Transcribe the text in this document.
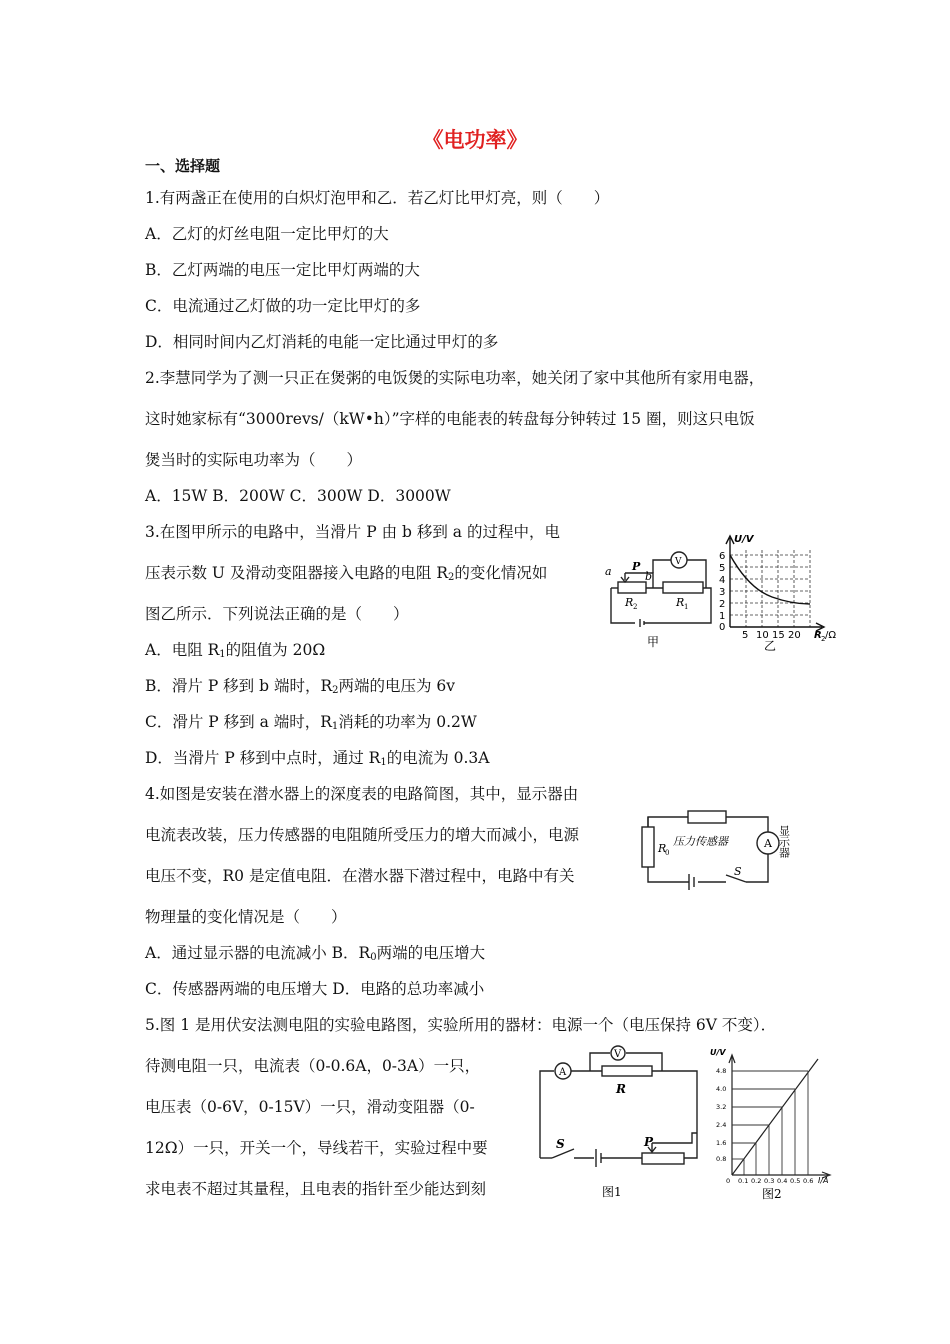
《电功率》
一、选择题
1.有两盏正在使用的白炽灯泡甲和乙．若乙灯比甲灯亮，则（　　）
A．乙灯的灯丝电阻一定比甲灯的大
B．乙灯两端的电压一定比甲灯两端的大
C．电流通过乙灯做的功一定比甲灯的多
D．相同时间内乙灯消耗的电能一定比通过甲灯的多
2.李慧同学为了测一只正在煲粥的电饭煲的实际电功率，她关闭了家中其他所有家用电器，
这时她家标有“3000revs/（kW•h）”字样的电能表的转盘每分钟转过 15 圈，则这只电饭
煲当时的实际电功率为（　　）
A．15W B．200W C．300W D．3000W
3.在图甲所示的电路中，当滑片 P 由 b 移到 a 的过程中，电
压表示数 U 及滑动变阻器接入电路的电阻 $R_2$的变化情况如
图乙所示．下列说法正确的是（　　）
A．电阻 $R_1$的阻值为 20Ω
B．滑片 P 移到 b 端时，$R_2$两端的电压为 6v
C．滑片 P 移到 a 端时，$R_1$消耗的功率为 0.2W
D．当滑片 P 移到中点时，通过 $R_1$的电流为 0.3A
a P
b
V
R 2	R 1
甲
U/V
6
5
4
3
2
1
0
5 10 15 20 R 2 /Ω
乙
4.如图是安装在潜水器上的深度表的电路简图，其中，显示器由
电流表改装，压力传感器的电阻随所受压力的增大而减小，电源
电压不变，R0 是定值电阻．在潜水器下潜过程中，电路中有关
物理量的变化情况是（　　）
A．通过显示器的电流减小 B．$R_0$两端的电压增大
C．传感器两端的电压增大 D．电路的总功率减小
压力传感器
R
0
A
S
显示器
5.图 1 是用伏安法测电阻的实验电路图，实验所用的器材：电源一个（电压保持 6V 不变）．
待测电阻一只，电流表（0-0.6A，0-3A）一只，
电压表（0-6V，0-15V）一只，滑动变阻器（0-
12Ω）一只，开关一个，导线若干，实验过程中要
求电表不超过其量程，且电表的指针至少能达到刻
A
V
R
S	P
图1
U/V
4.8
4.0
3.2
2.4
1.6
0.8
0 0.1 0.2 0.3 0.4 0.5 0.6 I/A
图2
